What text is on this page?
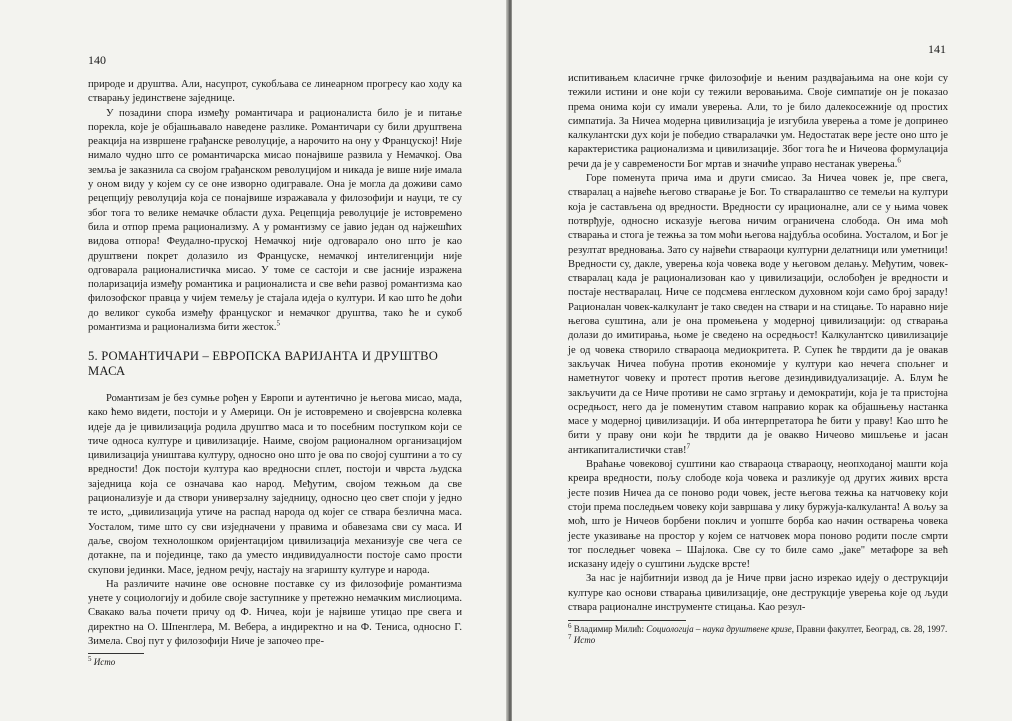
140

природе и друштва. Али, насупрот, сукобљава се линеарном прогресу као ходу ка стварању јединствене заједнице.

У позадини спора између романтичара и рационалиста било је и питање порекла, које је објашњавало наведене разлике. Романтичари су били друштвена реакција на извршене грађанске револуције, а нарочито на ону у Француској! Није нимало чудно што се романтичарска мисао понајвише развила у Немачкој. Ова земља је заказнила са својом грађанском револуцијом и никада је више није имала у оном виду у којем су се оне изворно одигравале. Она је могла да доживи само рецепцију револуција која се понајвише изражавала у филозофији и науци, те су због тога то велике немачке области духа. Рецепција револуције је истовремено била и отпор према рационализму. А у романтизму се јавио један од најжешћих видова отпора! Феудално-пруској Немачкој није одговарало оно што је као друштвени покрет долазило из Француске, немачкој интелигенцији није одговарала рационалистичка мисао. У томе се састоји и све јасније изражена поларизација између романтика и рационалиста и све већи развој романтизма као филозофског правца у чијем темељу је стајала идеја о култури. И као што ће доћи до великог сукоба између француског и немачког друштва, тако ће и сукоб романтизма и рационализма бити жесток.$^5$

5. РОМАНТИЧАРИ – ЕВРОПСКА ВАРИЈАНТА И ДРУШТВО МАСА

Романтизам је без сумње рођен у Европи и аутентично је његова мисао, мада, како ћемо видети, постоји и у Америци. Он је истовремено и својеврсна колевка идеје да је цивилизација родила друштво маса и то посебним поступком који се тиче односа културе и цивилизације. Наиме, својом рационалном организацијом цивилизација уништава културу, односно оно што је ова по својој суштини а то су вредности! Док постоји култура као вредносни сплет, постоји и чврста људска заједница која се означава као народ. Међутим, својом тежњом да све рационализује и да створи универзалну заједницу, односно цео свет споји у једно те исто, „цивилизација утиче на распад народа од којег се ствара безлична маса. Уосталом, тиме што су сви изједначени у правима и обавезама сви су маса. И даље, својом технолошком оријентацијом цивилизација механизује све чега се дотакне, па и појединце, тако да уместо индивидуалности постоје само прости скупови јединки. Масе, једном речју, настају на згаришту културе и народа.

На различите начине ове основне поставке су из филозофије романтизма унете у социологију и добиле своје заступнике у претежно немачким мислиоцима. Свакако ваља почети причу од Ф. Ничеа, који је највише утицао пре свега и директно на О. Шпенглера, М. Вебера, а индиректно и на Ф. Тениса, односно Г. Зимела. Свој пут у филозофији Ниче је започео пре-

$^5$ Исто
141

испитивањем класичне грчке филозофије и њеним раздвајањима на оне који су тежили истини и оне који су тежили веровањима. Своје симпатије он је показао према онима који су имали уверења. Али, то је било далекосежније од простих симпатија. За Ничеа модерна цивилизација је изгубила уверења а томе је допринео калкулантски дух који је победио стваралачки ум. Недостатак вере јесте оно што је карактеристика рационализма и цивилизације. Због тога ће и Ничеова формулација речи да је у савремености Бог мртав и значиће управо нестанак уверења.$^6$

Горе поменута прича има и други смисао. За Ничеа човек је, пре свега, стваралац а највеће његово стварање је Бог. То стваралаштво се темељи на култури која је састављена од вредности. Вредности су ирационалне, али се у њима човек потврђује, односно исказује његова ничим ограничена слобода. Он има моћ стварања и стога је тежња за том моћи његова најдубља особина. Уосталом, и Бог је резултат вредновања. Зато су највећи ствараоци културни делатници или уметници! Вредности су, дакле, уверења која човека воде у његовом делању. Међутим, човек-стваралац када је рационализован као у цивилизацији, ослобођен је вредности и постаје нестваралац. Ниче се подсмева енглеском духовном који само број зараду! Рационалан човек-калкулант је тако сведен на ствари и на стицање. То наравно није његова суштина, али је она промењена у модерној цивилизацији: од стварања долази до имитирања, њоме је сведено на осредњост! Калкулантско цивилизације је од човека створило ствараоца медиокритета. Р. Супек ће тврдити да је овакав закључак Ничеа побуна против економије у култури као нечега спољнег и наметнутог човеку и протест против његове дезиндивидуализације. А. Блум ће закључити да се Ниче противи не само згртању и демократији, која је та пристојна осредњост, него да је поменутим ставом направио корак ка објашњењу настанка масе у модерној цивилизацији. И оба интерпретатора ће бити у праву! Као што ће бити у праву они који ће тврдити да је овакво Ничеово мишљење и јасан антикапиталистички став!$^7$

Враћање човековој суштини као ствараоца ствараоцу, неопходаној машти која креира вредности, пољу слободе која човека и разликује од других живих врста јесте позив Ничеа да се поново роди човек, јесте његова тежња ка натчовеку који стоји према последњем човеку који завршава у лику буржуја-калкуланта! А вољу за моћ, што је Ничеов борбени поклич и уопште борба као начин остварења човека јесте указивање на простор у којем се натчовек мора поново родити после смрти тог последњег човека – Шајлока. Све су то биле само „јаке" метафоре за већ исказану идеју о суштини људске врсте!

За нас је најбитнији извод да је Ниче први јасно изрекао идеју о деструкцији културе као основи стварања цивилизације, оне деструкције уверења које од људи ствара рационалне инструменте стицања. Као резул-

$^6$ Владимир Милић: Социологија – наука друштвене кризе, Правни факултет, Београд, св. 28, 1997.
$^7$ Исто
